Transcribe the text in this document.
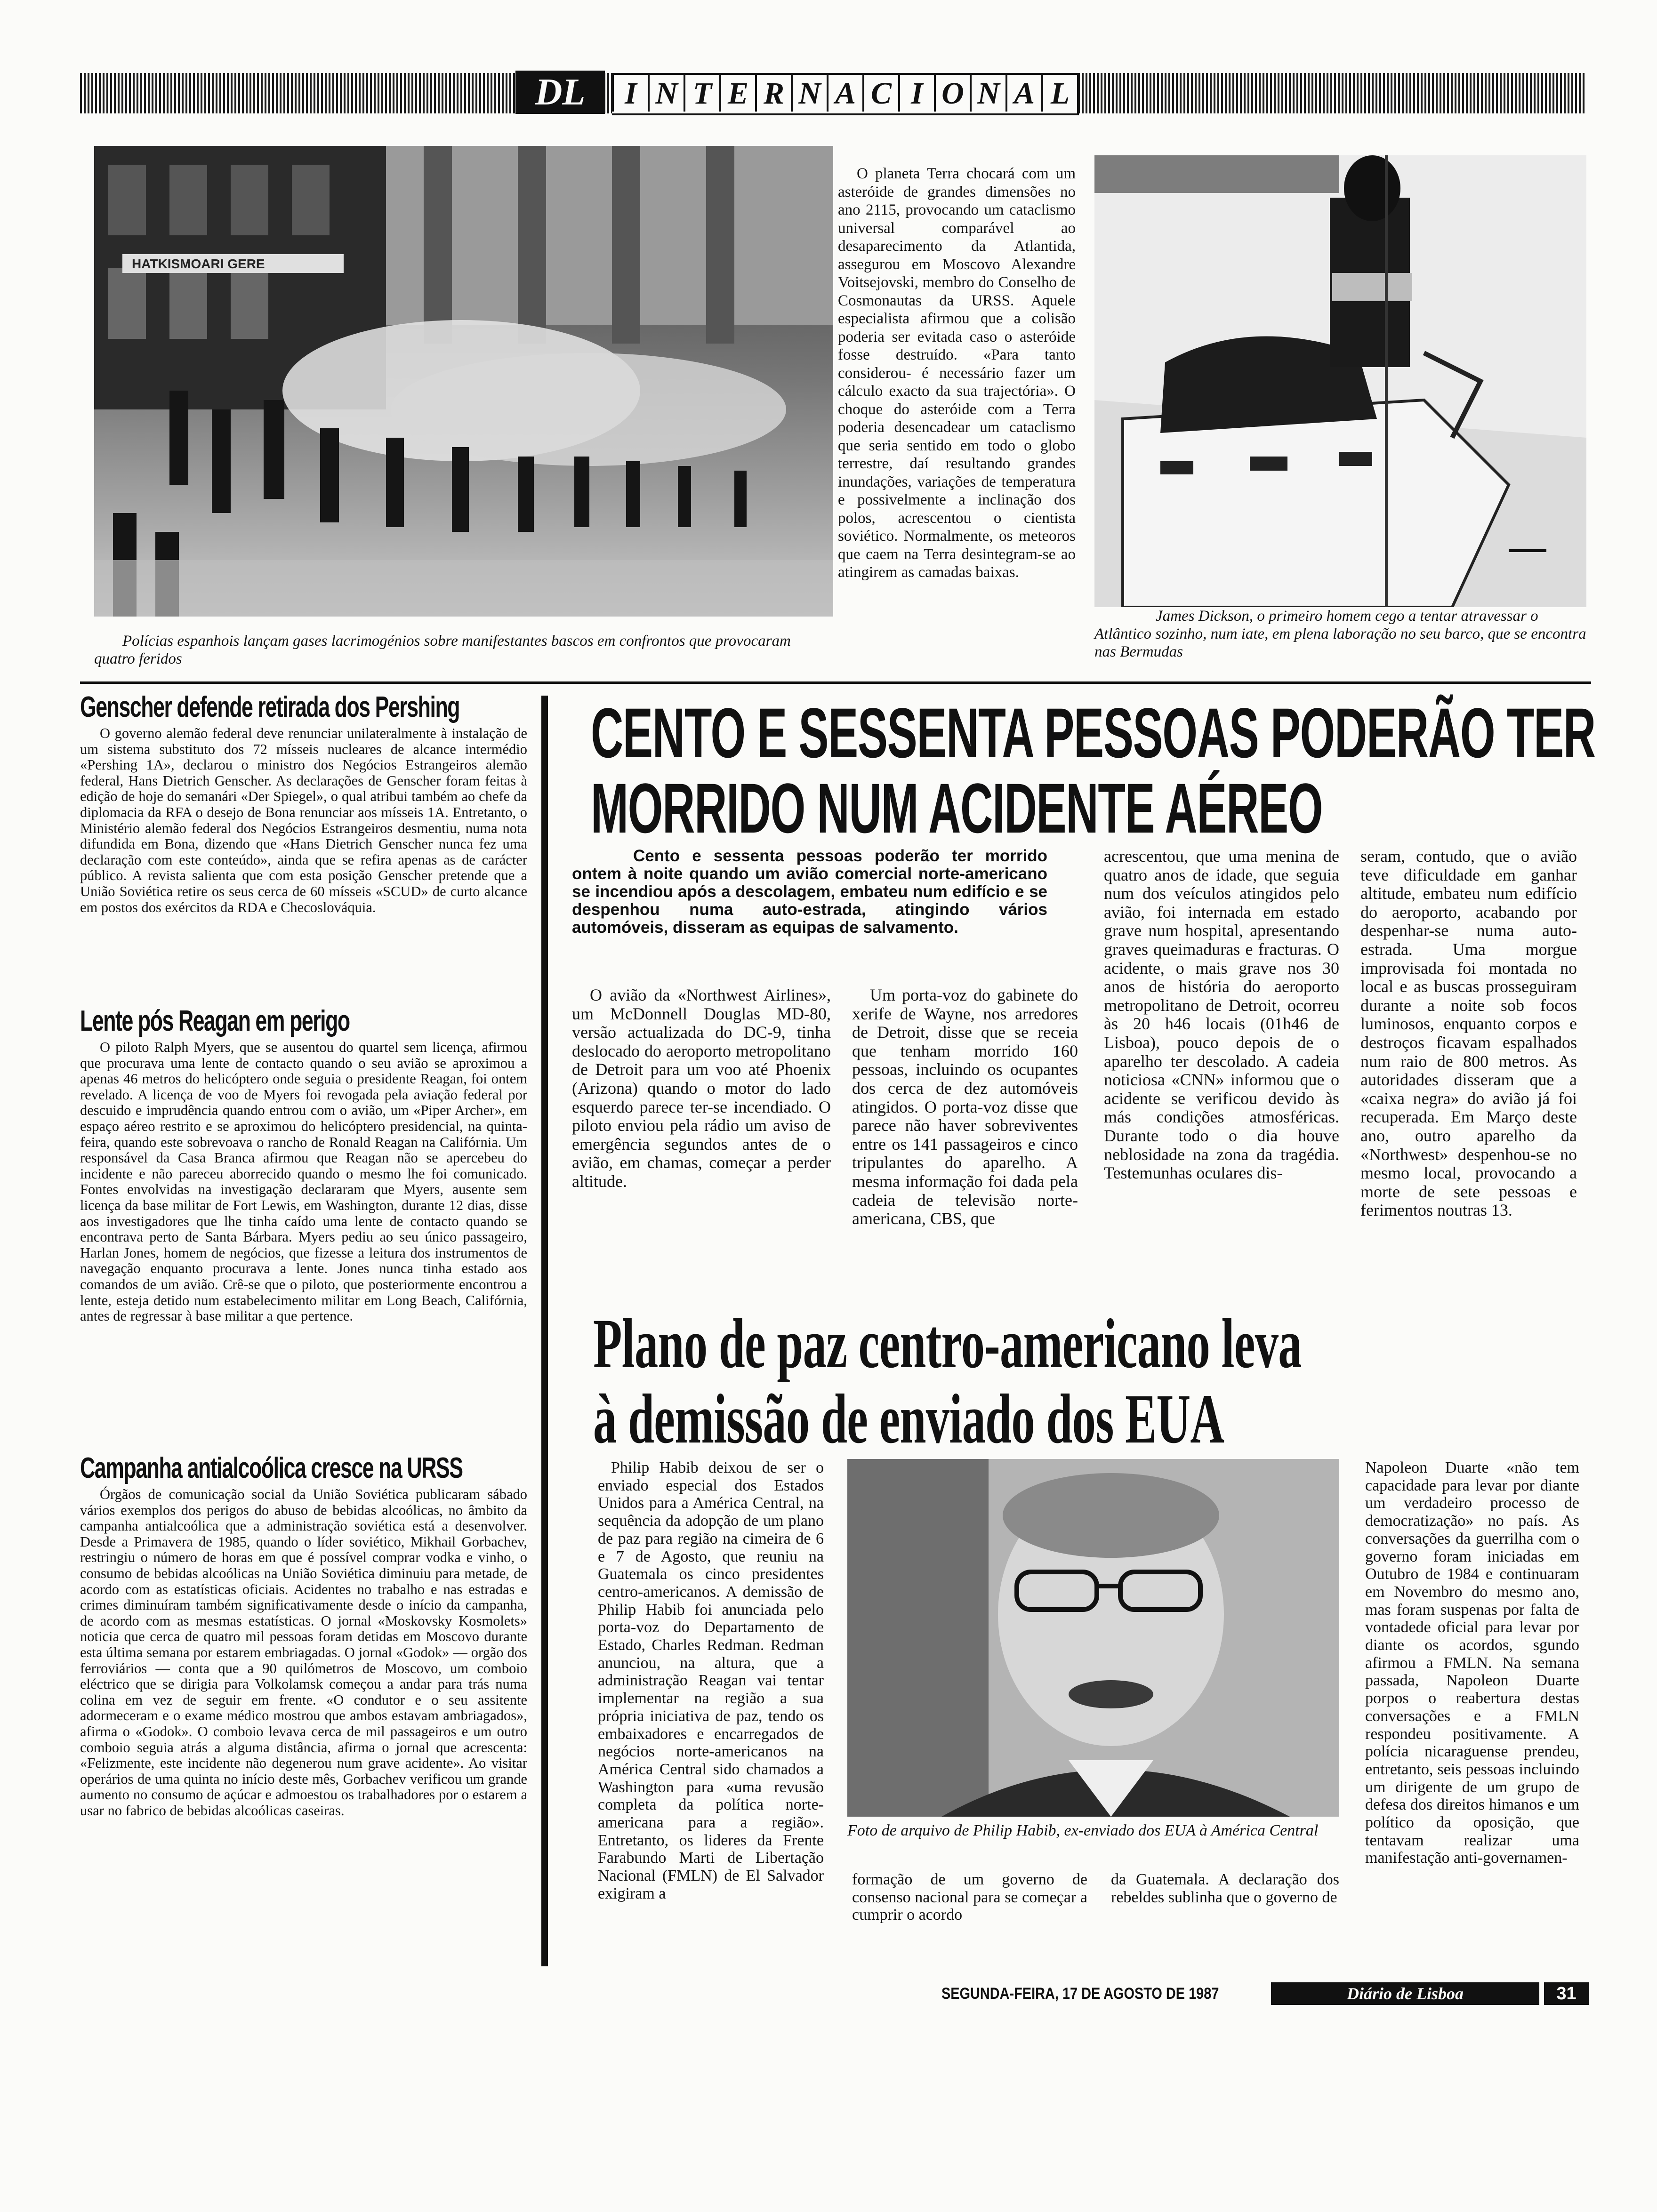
DL	I N T E R N A C I O N A L
HATKISMOARI GERE

Polícias espanhois lançam gases lacrimogénios sobre manifestantes bascos em confrontos que provocaram quatro feridos

O planeta Terra chocará com um asteróide de grandes dimensões no ano 2115, provocando um cataclismo universal comparável ao desaparecimento da Atlantida, assegurou em Moscovo Alexandre Voitsejovski, membro do Conselho de Cosmonautas da URSS. Aquele especialista afirmou que a colisão poderia ser evitada caso o asteróide fosse destruído. «Para tanto considerou- é necessário fazer um cálculo exacto da sua trajectória». O choque do asteróide com a Terra poderia desencadear um cataclismo que seria sentido em todo o globo terrestre, daí resultando grandes inundações, variações de temperatura e possivelmente a inclinação dos polos, acrescentou o cientista soviético. Normalmente, os meteoros que caem na Terra desintegram-se ao atingirem as camadas baixas.

James Dickson, o primeiro homem cego a tentar atravessar o Atlântico sozinho, num iate, em plena laboração no seu barco, que se encontra nas Bermudas

Genscher defende retirada dos Pershing
O governo alemão federal deve renunciar unilateralmente à instalação de um sistema substituto dos 72 mísseis nucleares de alcance intermédio «Pershing 1A», declarou o ministro dos Negócios Estrangeiros alemão federal, Hans Dietrich Genscher. As declarações de Genscher foram feitas à edição de hoje do semanári «Der Spiegel», o qual atribui também ao chefe da diplomacia da RFA o desejo de Bona renunciar aos mísseis 1A. Entretanto, o Ministério alemão federal dos Negócios Estrangeiros desmentiu, numa nota difundida em Bona, dizendo que «Hans Dietrich Genscher nunca fez uma declaração com este conteúdo», ainda que se refira apenas as de carácter público. A revista salienta que com esta posição Genscher pretende que a União Soviética retire os seus cerca de 60 mísseis «SCUD» de curto alcance em postos dos exércitos da RDA e Checoslováquia.
Lente pós Reagan em perigo
O piloto Ralph Myers, que se ausentou do quartel sem licença, afirmou que procurava uma lente de contacto quando o seu avião se aproximou a apenas 46 metros do helicóptero onde seguia o presidente Reagan, foi ontem revelado. A licença de voo de Myers foi revogada pela aviação federal por descuido e imprudência quando entrou com o avião, um «Piper Archer», em espaço aéreo restrito e se aproximou do helicóptero presidencial, na quinta-feira, quando este sobrevoava o rancho de Ronald Reagan na Califórnia. Um responsável da Casa Branca afirmou que Reagan não se apercebeu do incidente e não pareceu aborrecido quando o mesmo lhe foi comunicado. Fontes envolvidas na investigação declararam que Myers, ausente sem licença da base militar de Fort Lewis, em Washington, durante 12 dias, disse aos investigadores que lhe tinha caído uma lente de contacto quando se encontrava perto de Santa Bárbara. Myers pediu ao seu único passageiro, Harlan Jones, homem de negócios, que fizesse a leitura dos instrumentos de navegação enquanto procurava a lente. Jones nunca tinha estado aos comandos de um avião. Crê-se que o piloto, que posteriormente encontrou a lente, esteja detido num estabelecimento militar em Long Beach, Califórnia, antes de regressar à base militar a que pertence.
Campanha antialcoólica cresce na URSS
Órgãos de comunicação social da União Soviética publicaram sábado vários exemplos dos perigos do abuso de bebidas alcoólicas, no âmbito da campanha antialcoólica que a administração soviética está a desenvolver. Desde a Primavera de 1985, quando o líder soviético, Mikhail Gorbachev, restringiu o número de horas em que é possível comprar vodka e vinho, o consumo de bebidas alcoólicas na União Soviética diminuiu para metade, de acordo com as estatísticas oficiais. Acidentes no trabalho e nas estradas e crimes diminuíram também significativamente desde o início da campanha, de acordo com as mesmas estatísticas. O jornal «Moskovsky Kosmolets» noticia que cerca de quatro mil pessoas foram detidas em Moscovo durante esta última semana por estarem embriagadas. O jornal «Godok» — orgão dos ferroviários — conta que a 90 quilómetros de Moscovo, um comboio eléctrico que se dirigia para Volkolamsk começou a andar para trás numa colina em vez de seguir em frente. «O condutor e o seu assitente adormeceram e o exame médico mostrou que ambos estavam ambriagados», afirma o «Godok». O comboio levava cerca de mil passageiros e um outro comboio seguia atrás a alguma distância, afirma o jornal que acrescenta: «Felizmente, este incidente não degenerou num grave acidente». Ao visitar operários de uma quinta no início deste mês, Gorbachev verificou um grande aumento no consumo de açúcar e admoestou os trabalhadores por o estarem a usar no fabrico de bebidas alcoólicas caseiras.
CENTO E SESSENTA PESSOAS PODERÃO TER
MORRIDO NUM ACIDENTE AÉREO

Cento e sessenta pessoas poderão ter morrido ontem à noite quando um avião comercial norte-americano se incendiou após a descolagem, embateu num edifício e se despenhou numa auto-estrada, atingindo vários automóveis, disseram as equipas de salvamento.

O avião da «Northwest Airlines», um McDonnell Douglas MD-80, versão actualizada do DC-9, tinha deslocado do aeroporto metropolitano de Detroit para um voo até Phoenix (Arizona) quando o motor do lado esquerdo parece ter-se incendiado. O piloto enviou pela rádio um aviso de emergência segundos antes de o avião, em chamas, começar a perder altitude.
Um porta-voz do gabinete do xerife de Wayne, nos arredores de Detroit, disse que se receia que tenham morrido 160 pessoas, incluindo os ocupantes dos cerca de dez automóveis atingidos. O porta-voz disse que parece não haver sobreviventes entre os 141 passageiros e cinco tripulantes do aparelho. A mesma informação foi dada pela cadeia de televisão norte-americana, CBS, que
acrescentou, que uma menina de quatro anos de idade, que seguia num dos veículos atingidos pelo avião, foi internada em estado grave num hospital, apresentando graves queimaduras e fracturas. O acidente, o mais grave nos 30 anos de história do aeroporto metropolitano de Detroit, ocorreu às 20 h46 locais (01h46 de Lisboa), pouco depois de o aparelho ter descolado. A cadeia noticiosa «CNN» informou que o acidente se verificou devido às más condições atmosféricas. Durante todo o dia houve neblosidade na zona da tragédia. Testemunhas oculares dis-
seram, contudo, que o avião teve dificuldade em ganhar altitude, embateu num edifício do aeroporto, acabando por despenhar-se numa auto-estrada. Uma morgue improvisada foi montada no local e as buscas prosseguiram durante a noite sob focos luminosos, enquanto corpos e destroços ficavam espalhados num raio de 800 metros. As autoridades disseram que a «caixa negra» do avião já foi recuperada. Em Março deste ano, outro aparelho da «Northwest» despenhou-se no mesmo local, provocando a morte de sete pessoas e ferimentos noutras 13.
Plano de paz centro-americano leva
à demissão de enviado dos EUA
Philip Habib deixou de ser o enviado especial dos Estados Unidos para a América Central, na sequência da adopção de um plano de paz para região na cimeira de 6 e 7 de Agosto, que reuniu na Guatemala os cinco presidentes centro-americanos. A demissão de Philip Habib foi anunciada pelo porta-voz do Departamento de Estado, Charles Redman. Redman anunciou, na altura, que a administração Reagan vai tentar implementar na região a sua própria iniciativa de paz, tendo os embaixadores e encarregados de negócios norte-americanos na América Central sido chamados a Washington para «uma revusão completa da política norte-americana para a região». Entretanto, os lideres da Frente Farabundo Marti de Libertação Nacional (FMLN) de El Salvador exigiram a

Foto de arquivo de Philip Habib, ex-enviado dos EUA à América Central

formação de um governo de consenso nacional para se começar a cumprir o acordo
da Guatemala. A declaração dos rebeldes sublinha que o governo de
Napoleon Duarte «não tem capacidade para levar por diante um verdadeiro processo de democratização» no país. As conversações da guerrilha com o governo foram iniciadas em Outubro de 1984 e continuaram em Novembro do mesmo ano, mas foram suspenas por falta de vontadede oficial para levar por diante os acordos, sgundo afirmou a FMLN. Na semana passada, Napoleon Duarte porpos o reabertura destas conversações e a FMLN respondeu positivamente. A polícia nicaraguense prendeu, entretanto, seis pessoas incluindo um dirigente de um grupo de defesa dos direitos himanos e um político da oposição, que tentavam realizar uma manifestação anti-governamen-
SEGUNDA-FEIRA, 17 DE AGOSTO DE 1987	Diário de Lisboa	31
